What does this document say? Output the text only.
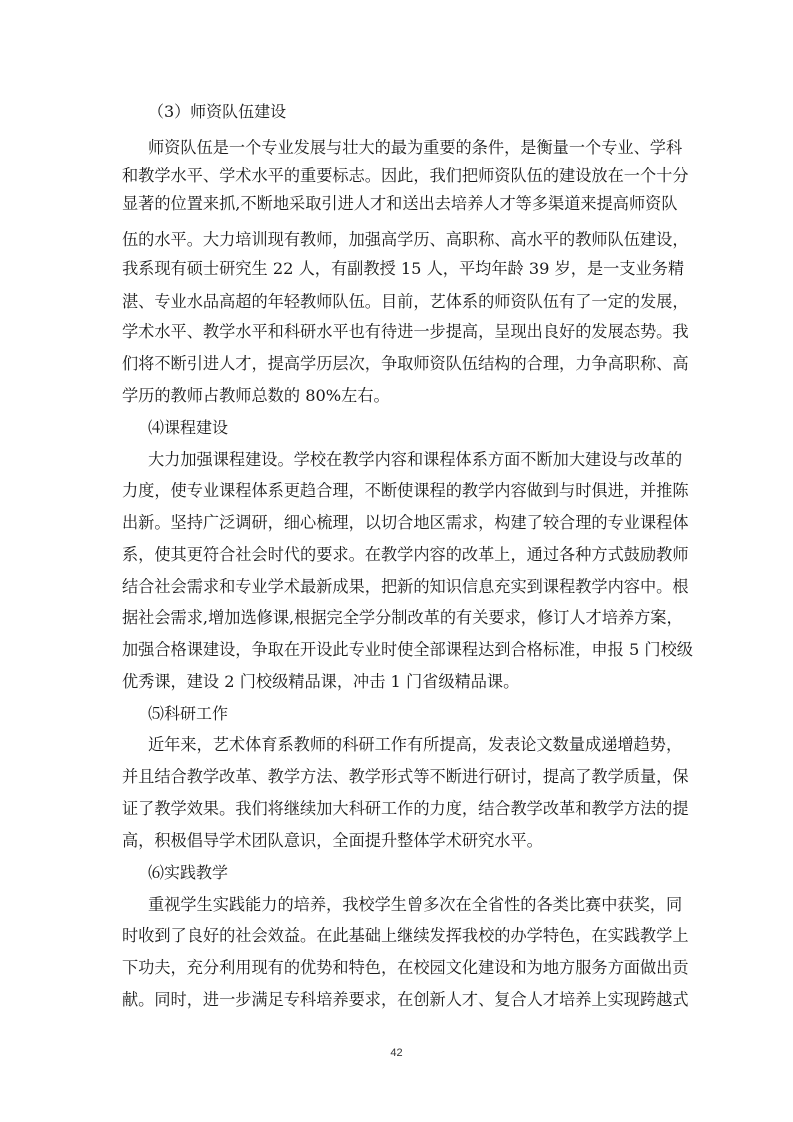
（3）师资队伍建设
师资队伍是一个专业发展与壮大的最为重要的条件，是衡量一个专业、学科
和教学水平、学术水平的重要标志。因此，我们把师资队伍的建设放在一个十分
显著的位置来抓,不断地采取引进人才和送出去培养人才等多渠道来提高师资队
伍的水平。大力培训现有教师，加强高学历、高职称、高水平的教师队伍建设，
我系现有硕士研究生 22 人，有副教授 15 人，平均年龄 39 岁，是一支业务精
湛、专业水品高超的年轻教师队伍。目前，艺体系的师资队伍有了一定的发展，
学术水平、教学水平和科研水平也有待进一步提高，呈现出良好的发展态势。我
们将不断引进人才，提高学历层次，争取师资队伍结构的合理，力争高职称、高
学历的教师占教师总数的 80%左右。
⑷课程建设
大力加强课程建设。学校在教学内容和课程体系方面不断加大建设与改革的
力度，使专业课程体系更趋合理，不断使课程的教学内容做到与时俱进，并推陈
出新。坚持广泛调研，细心梳理，以切合地区需求，构建了较合理的专业课程体
系，使其更符合社会时代的要求。在教学内容的改革上，通过各种方式鼓励教师
结合社会需求和专业学术最新成果，把新的知识信息充实到课程教学内容中。根
据社会需求,增加选修课,根据完全学分制改革的有关要求，修订人才培养方案，
加强合格课建设，争取在开设此专业时使全部课程达到合格标准，申报 5 门校级
优秀课，建设 2 门校级精品课，冲击 1 门省级精品课。
⑸科研工作
近年来，艺术体育系教师的科研工作有所提高，发表论文数量成递增趋势，
并且结合教学改革、教学方法、教学形式等不断进行研讨，提高了教学质量，保
证了教学效果。我们将继续加大科研工作的力度，结合教学改革和教学方法的提
高，积极倡导学术团队意识，全面提升整体学术研究水平。
⑹实践教学
重视学生实践能力的培养，我校学生曾多次在全省性的各类比赛中获奖，同
时收到了良好的社会效益。在此基础上继续发挥我校的办学特色，在实践教学上
下功夫，充分利用现有的优势和特色，在校园文化建设和为地方服务方面做出贡
献。同时，进一步满足专科培养要求，在创新人才、复合人才培养上实现跨越式
42
